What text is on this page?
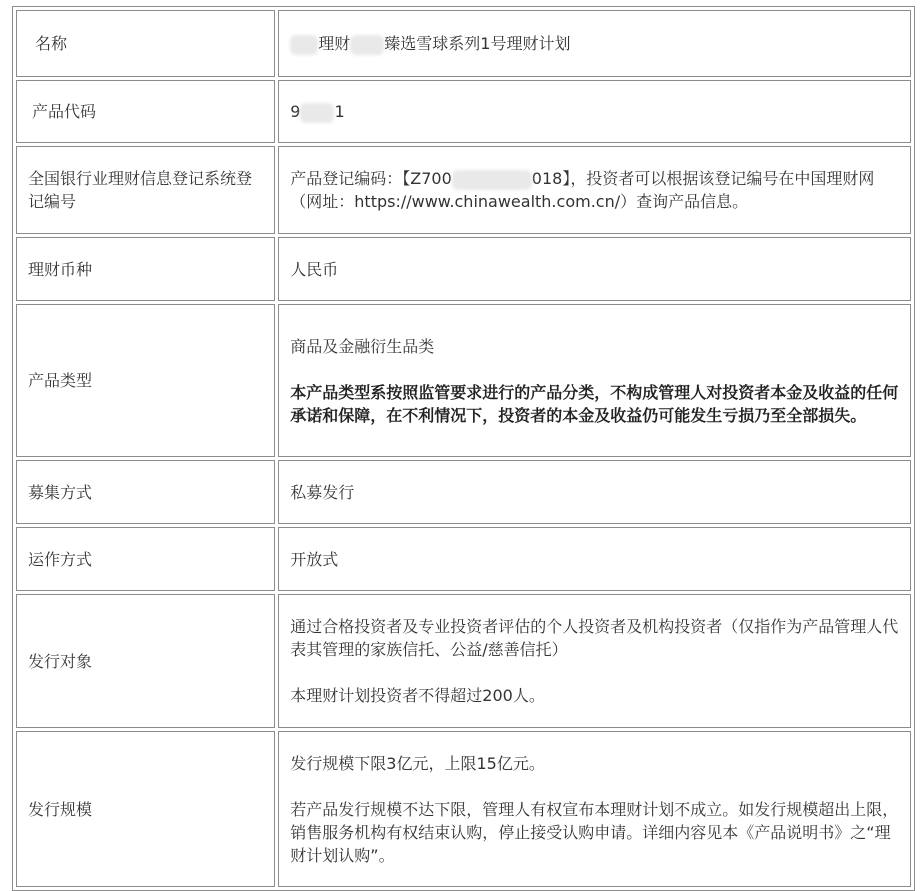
名称	理财 臻选雪球系列1号理财计划
产品代码	9 1
全国银行业理财信息登记系统登记编号	产品登记编码：【Z700 018】，投资者可以根据该登记编号在中国理财网（网址：https://www.chinawealth.com.cn/）查询产品信息。
理财币种	人民币
产品类型	商品及金融衍生品类

本产品类型系按照监管要求进行的产品分类，不构成管理人对投资者本金及收益的任何承诺和保障，在不利情况下，投资者的本金及收益仍可能发生亏损乃至全部损失。

募集方式	私募发行
运作方式	开放式
发行对象	通过合格投资者及专业投资者评估的个人投资者及机构投资者（仅指作为产品管理人代表其管理的家族信托、公益/慈善信托）

本理财计划投资者不得超过200人。

发行规模	发行规模下限3亿元，上限15亿元。

若产品发行规模不达下限，管理人有权宣布本理财计划不成立。如发行规模超出上限，销售服务机构有权结束认购，停止接受认购申请。详细内容见本《产品说明书》之“理财计划认购”。
